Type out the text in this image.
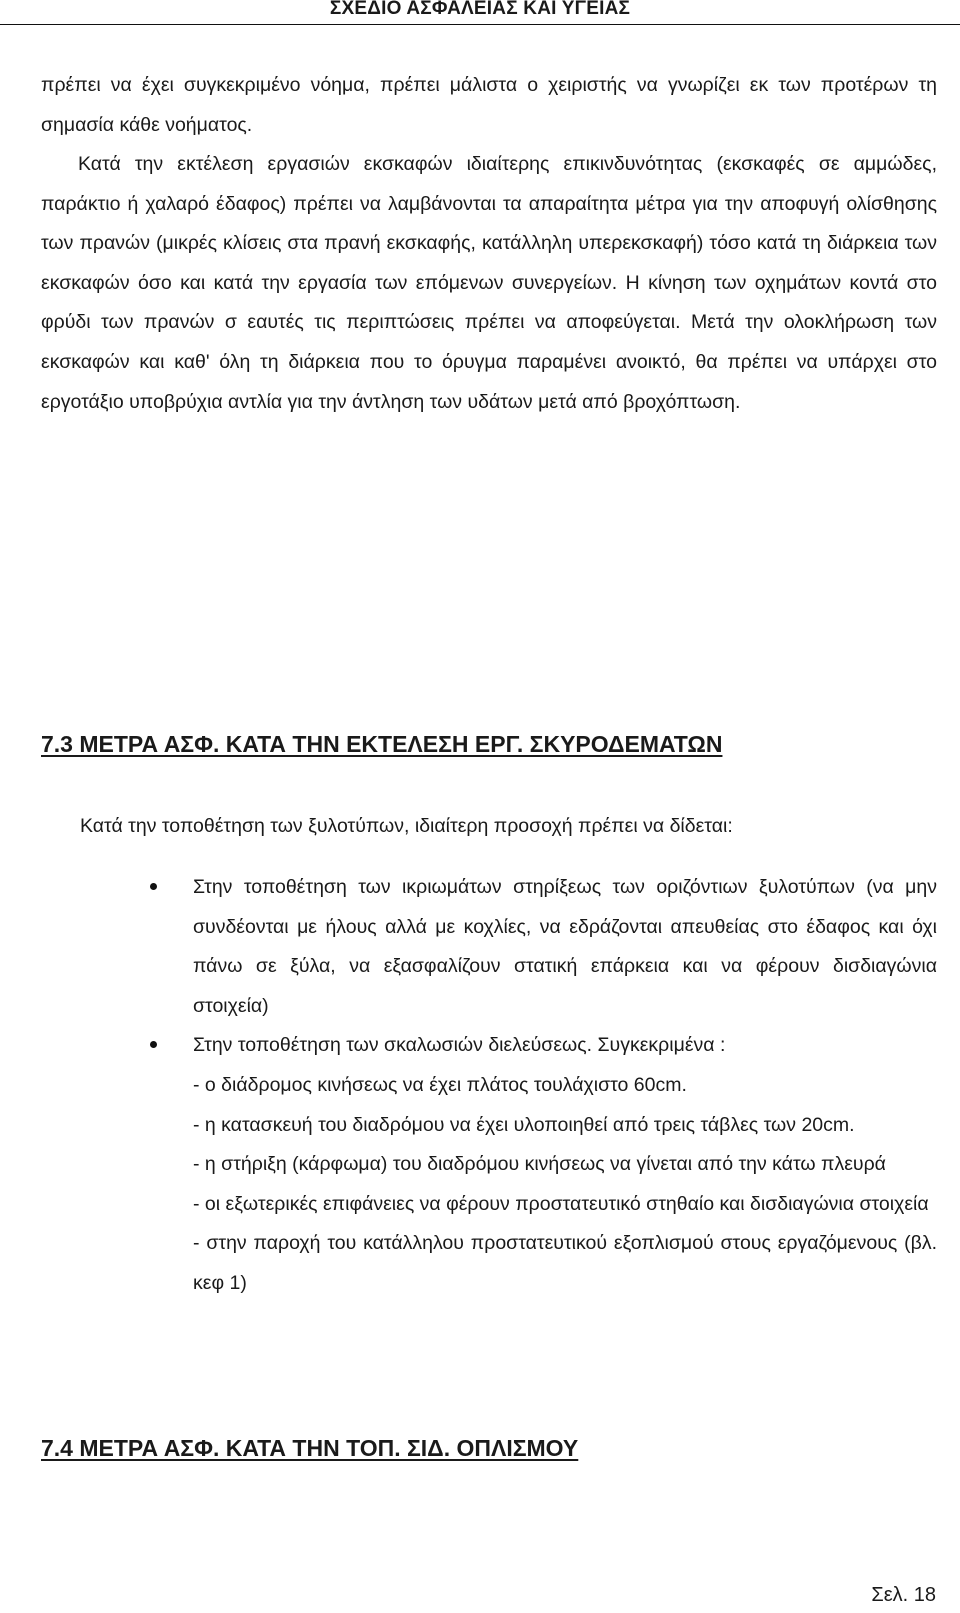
ΣΧΕΔΙΟ ΑΣΦΑΛΕΙΑΣ ΚΑΙ ΥΓΕΙΑΣ

πρέπει να έχει συγκεκριμένο νόημα, πρέπει μάλιστα ο χειριστής να γνωρίζει εκ των προτέρων τη σημασία κάθε νοήματος.

Κατά την εκτέλεση εργασιών εκσκαφών ιδιαίτερης επικινδυνότητας (εκσκαφές σε αμμώδες, παράκτιο ή χαλαρό έδαφος) πρέπει να λαμβάνονται τα απαραίτητα μέτρα για την αποφυγή ολίσθησης των πρανών (μικρές κλίσεις στα πρανή εκσκαφής, κατάλληλη υπερεκσκαφή) τόσο κατά τη διάρκεια των εκσκαφών όσο και κατά την εργασία των επόμενων συνεργείων. Η κίνηση των οχημάτων κοντά στο φρύδι των πρανών σ εαυτές τις περιπτώσεις πρέπει να αποφεύγεται. Μετά την ολοκλήρωση των εκσκαφών και καθ' όλη τη διάρκεια που το όρυγμα παραμένει ανοικτό, θα πρέπει να υπάρχει στο εργοτάξιο υποβρύχια αντλία για την άντληση των υδάτων μετά από βροχόπτωση.

7.3 ΜΕΤΡΑ ΑΣΦ. ΚΑΤΑ ΤΗΝ ΕΚΤΕΛΕΣΗ ΕΡΓ. ΣΚΥΡΟΔΕΜΑΤΩΝ

Κατά την τοποθέτηση των ξυλοτύπων, ιδιαίτερη προσοχή πρέπει να δίδεται:

Στην τοποθέτηση των ικριωμάτων στηρίξεως των οριζόντιων ξυλοτύπων (να μην συνδέονται με ήλους αλλά με κοχλίες, να εδράζονται απευθείας στο έδαφος και όχι πάνω σε ξύλα, να εξασφαλίζουν στατική επάρκεια και να φέρουν δισδιαγώνια στοιχεία)

Στην τοποθέτηση των σκαλωσιών διελεύσεως. Συγκεκριμένα :

- ο διάδρομος κινήσεως να έχει πλάτος τουλάχιστο 60cm.

- η κατασκευή του διαδρόμου να έχει υλοποιηθεί από τρεις τάβλες των 20cm.

- η στήριξη (κάρφωμα) του διαδρόμου κινήσεως να γίνεται από την κάτω πλευρά

- οι εξωτερικές επιφάνειες να φέρουν προστατευτικό στηθαίο και δισδιαγώνια στοιχεία

- στην παροχή του κατάλληλου προστατευτικού εξοπλισμού στους εργαζόμενους (βλ. κεφ 1)

7.4 ΜΕΤΡΑ ΑΣΦ. ΚΑΤΑ ΤΗΝ ΤΟΠ. ΣΙΔ. ΟΠΛΙΣΜΟΥ
Σελ. 18
